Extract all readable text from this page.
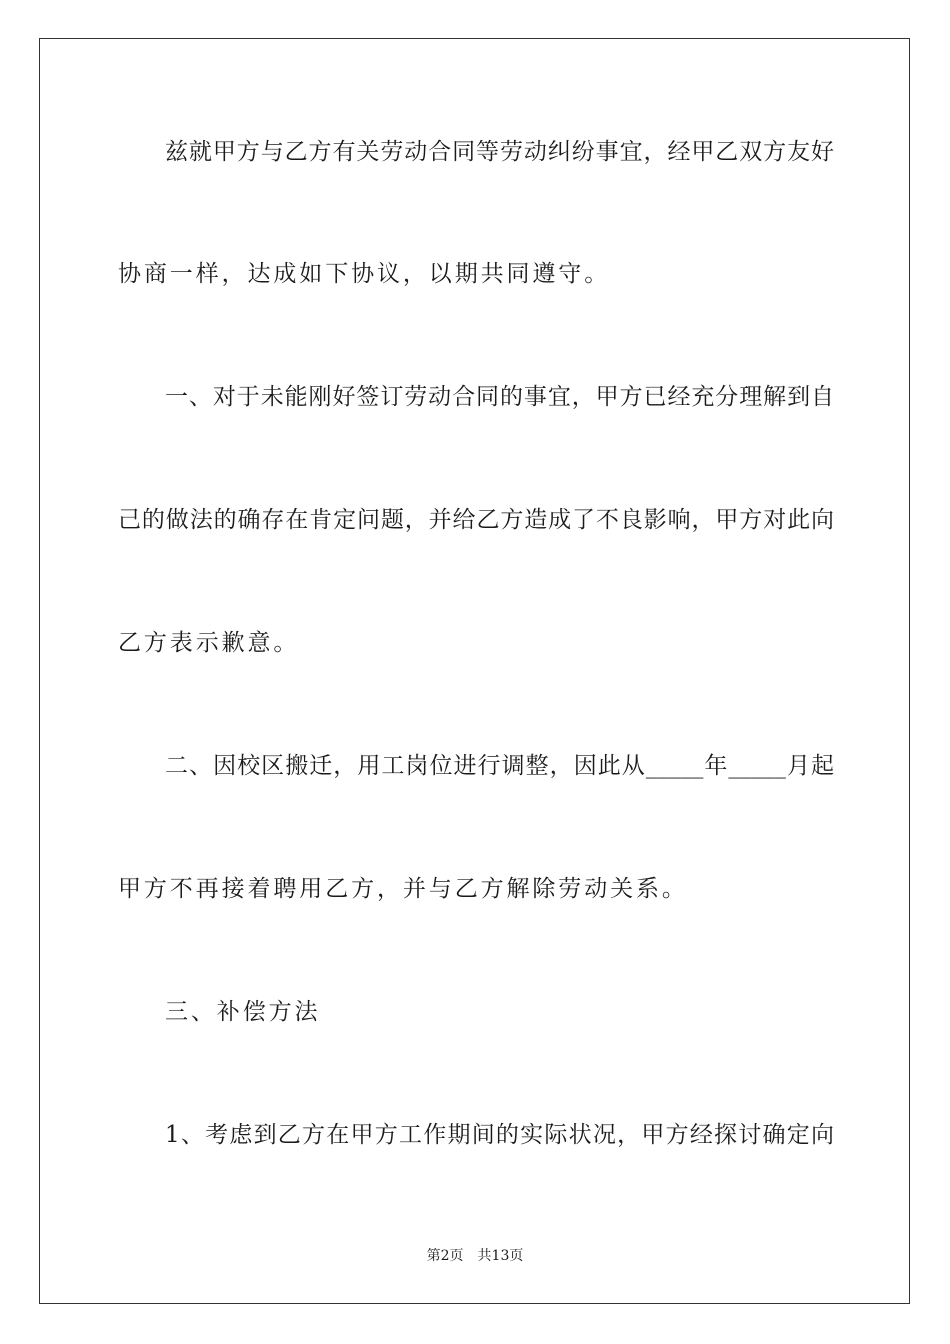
兹就甲方与乙方有关劳动合同等劳动纠纷事宜，经甲乙双方友好
协商一样，达成如下协议，以期共同遵守。
一、对于未能刚好签订劳动合同的事宜，甲方已经充分理解到自
己的做法的确存在肯定问题，并给乙方造成了不良影响，甲方对此向
乙方表示歉意。
二、因校区搬迁，用工岗位进行调整，因此从_____年_____月起
甲方不再接着聘用乙方，并与乙方解除劳动关系。
三、补偿方法
1、考虑到乙方在甲方工作期间的实际状况，甲方经探讨确定向
第2页　共13页
